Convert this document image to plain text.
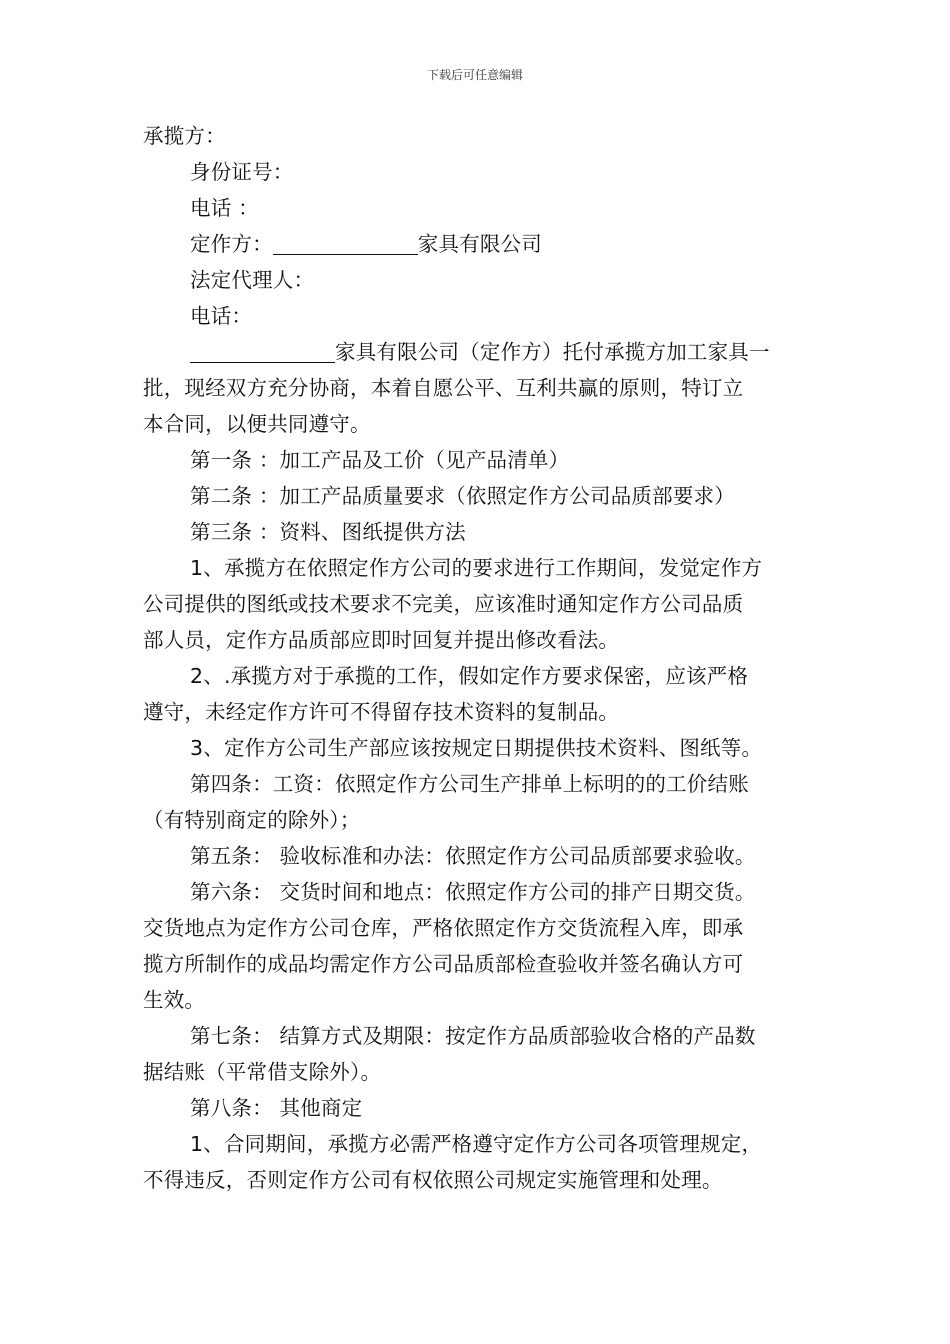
下载后可任意编辑
承揽方：
身份证号：
电话 ：
定作方：	家具有限公司
法定代理人：
电话：
家具有限公司（定作方）托付承揽方加工家具一
批，现经双方充分协商，本着自愿公平、互利共赢的原则，特订立
本合同，以便共同遵守。
第一条 ：加工产品及工价（见产品清单）
第二条 ：加工产品质量要求（依照定作方公司品质部要求）
第三条 ：资料、图纸提供方法
1、承揽方在依照定作方公司的要求进行工作期间，发觉定作方
公司提供的图纸或技术要求不完美，应该准时通知定作方公司品质
部人员，定作方品质部应即时回复并提出修改看法。
2、.承揽方对于承揽的工作，假如定作方要求保密，应该严格
遵守，未经定作方许可不得留存技术资料的复制品。
3、定作方公司生产部应该按规定日期提供技术资料、图纸等。
第四条：工资：依照定作方公司生产排单上标明的的工价结账
（有特别商定的除外）；
第五条： 验收标准和办法：依照定作方公司品质部要求验收。
第六条： 交货时间和地点：依照定作方公司的排产日期交货。
交货地点为定作方公司仓库，严格依照定作方交货流程入库，即承
揽方所制作的成品均需定作方公司品质部检查验收并签名确认方可
生效。
第七条： 结算方式及期限：按定作方品质部验收合格的产品数
据结账（平常借支除外）。
第八条： 其他商定
1、合同期间，承揽方必需严格遵守定作方公司各项管理规定，
不得违反，否则定作方公司有权依照公司规定实施管理和处理。
